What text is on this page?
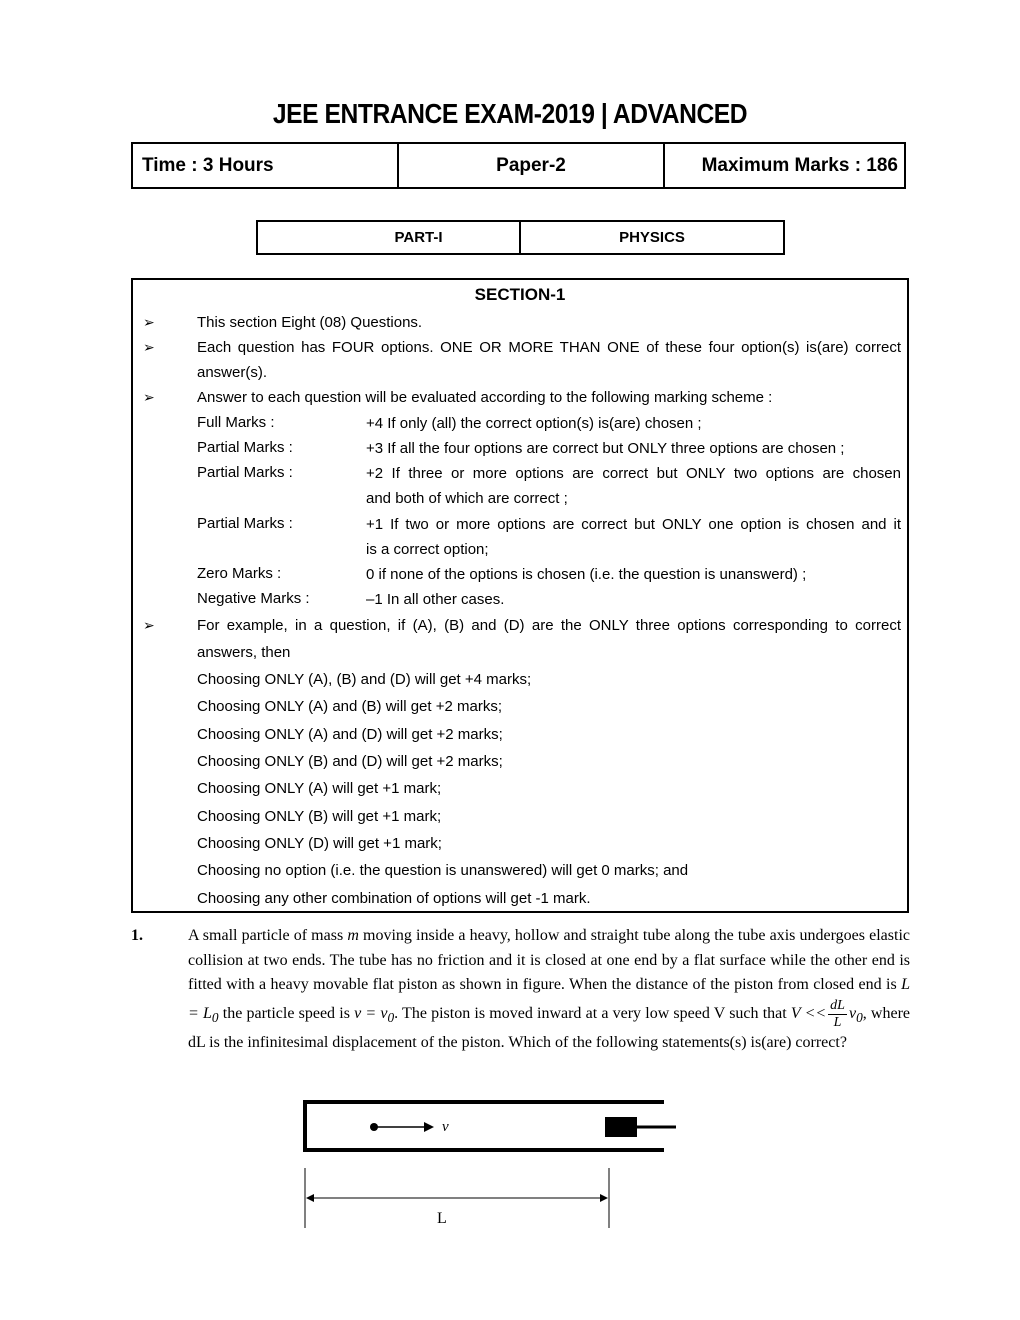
JEE ENTRANCE EXAM-2019 | ADVANCED
Time : 3 Hours	Paper-2	Maximum Marks : 186
PART-I	PHYSICS
SECTION-1
➢	This section Eight (08) Questions.
➢	Each question has FOUR options. ONE OR MORE THAN ONE of these four option(s) is(are) correct
answer(s).
➢	Answer to each question will be evaluated according to the following marking scheme :
Full Marks :	+4 If only (all) the correct option(s) is(are) chosen ;
Partial Marks :	+3 If all the four options are correct but ONLY three options are chosen ;
Partial Marks :	+2 If three or more options are correct but ONLY two options are chosen
and both of which are correct ;
Partial Marks :	+1 If two or more options are correct but ONLY one option is chosen and it
is a correct option;
Zero Marks :	0 if none of the options is chosen (i.e. the question is unanswerd) ;
Negative Marks :	–1 In all other cases.
➢	For example, in a question, if (A), (B) and (D) are the ONLY three options corresponding to correct
answers, then
Choosing ONLY (A), (B) and (D) will get +4 marks;
Choosing ONLY (A) and (B) will get +2 marks;
Choosing ONLY (A) and (D) will get +2 marks;
Choosing ONLY (B) and (D) will get +2 marks;
Choosing ONLY (A) will get +1 mark;
Choosing ONLY (B) will get +1 mark;
Choosing ONLY (D) will get +1 mark;
Choosing no option (i.e. the question is unanswered) will get 0 marks; and
Choosing any other combination of options will get -1 mark.
1.	A small particle of mass m moving inside a heavy, hollow and straight tube along the tube axis undergoes elastic collision at two ends. The tube has no friction and it is closed at one end by a flat surface while the other end is fitted with a heavy movable flat piston as shown in figure. When the distance of the piston from closed end is $L = L_0$ the particle speed is $v = v_0$. The piston is moved inward at a very low speed V such that $V << \frac{dL}{L} v_0$, where dL is the infinitesimal displacement of the piston. Which of the following statements(s) is(are) correct?
v
L
